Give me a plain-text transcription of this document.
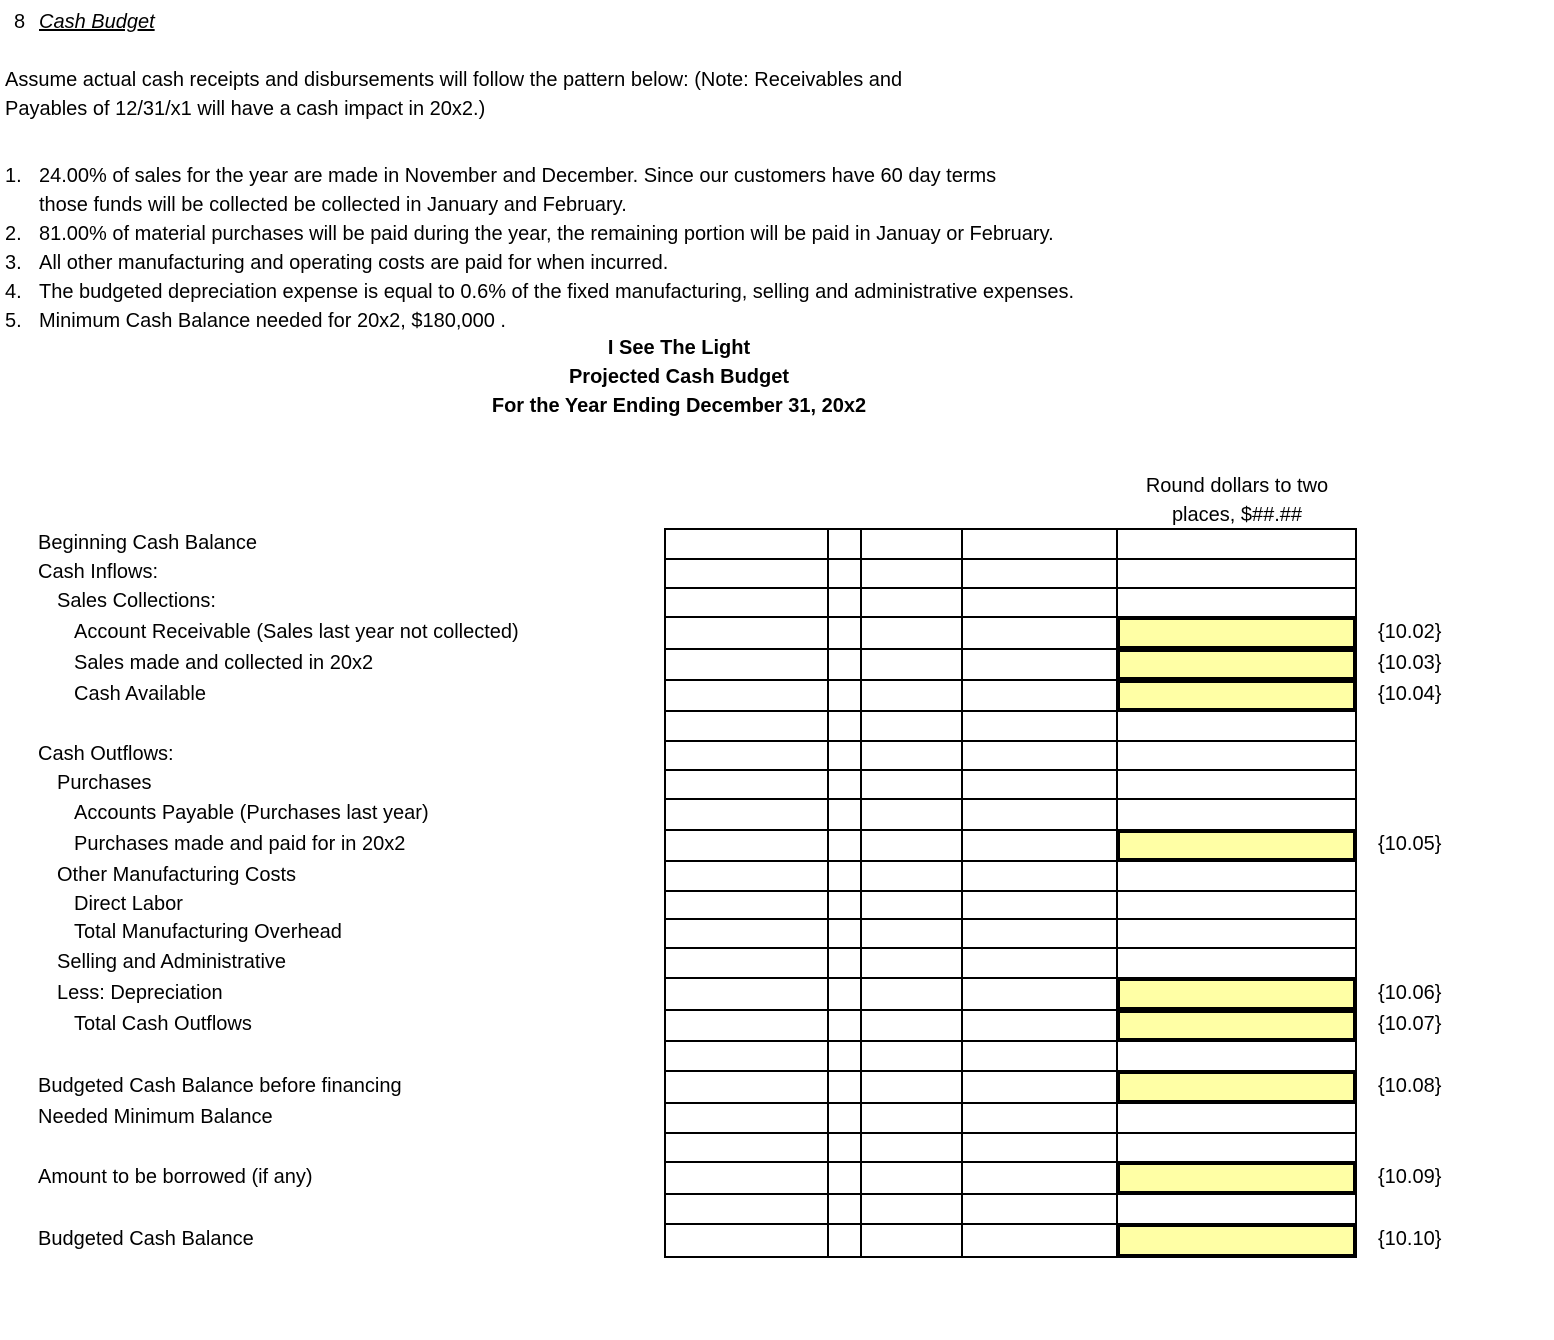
8 Cash Budget
Assume actual cash receipts and disbursements will follow the pattern below: (Note: Receivables and
Payables of 12/31/x1 will have a cash impact in 20x2.)
1. 24.00% of sales for the year are made in November and December. Since our customers have 60 day terms
those funds will be collected be collected in January and February.
2. 81.00% of material purchases will be paid during the year, the remaining portion will be paid in Januay or February.
3. All other manufacturing and operating costs are paid for when incurred.
4. The budgeted depreciation expense is equal to 0.6% of the fixed manufacturing, selling and administrative expenses.
5. Minimum Cash Balance needed for 20x2, $180,000 .
I See The Light
Projected Cash Budget
For the Year Ending December 31, 20x2
Round dollars to two places, $##.##
Beginning Cash Balance
Cash Inflows:
Sales Collections:
Account Receivable (Sales last year not collected)
Sales made and collected in 20x2
Cash Available
Cash Outflows:
Purchases
Accounts Payable (Purchases last year)
Purchases made and paid for in 20x2
Other Manufacturing Costs
Direct Labor
Total Manufacturing Overhead
Selling and Administrative
Less: Depreciation
Total Cash Outflows
Budgeted Cash Balance before financing
Needed Minimum Balance
Amount to be borrowed (if any)
Budgeted Cash Balance
{10.02}
{10.03}
{10.04}
{10.05}
{10.06}
{10.07}
{10.08}
{10.09}
{10.10}
